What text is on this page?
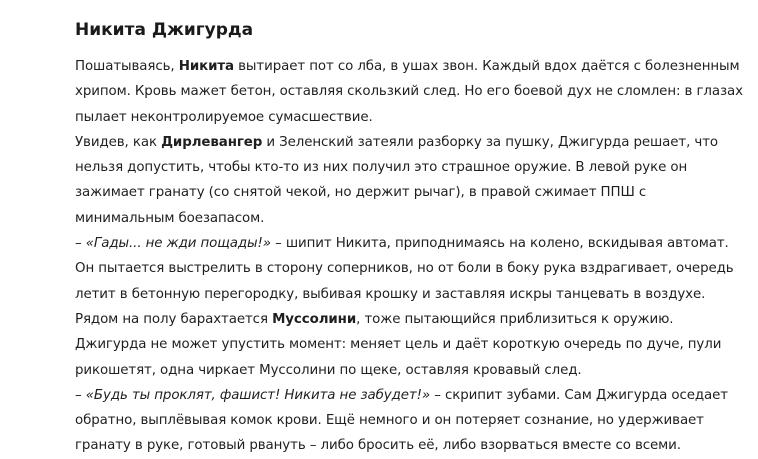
Никита Джигурда

Пошатываясь, Никита вытирает пот со лба, в ушах звон. Каждый вдох даётся с болезненным хрипом. Кровь мажет бетон, оставляя скользкий след. Но его боевой дух не сломлен: в глазах пылает неконтролируемое сумасшествие.

Увидев, как Дирлевангер и Зеленский затеяли разборку за пушку, Джигурда решает, что нельзя допустить, чтобы кто-то из них получил это страшное оружие. В левой руке он зажимает гранату (со снятой чекой, но держит рычаг), в правой сжимает ППШ с минимальным боезапасом.

– «Гады... не жди пощады!» – шипит Никита, приподнимаясь на колено, вскидывая автомат. Он пытается выстрелить в сторону соперников, но от боли в боку рука вздрагивает, очередь летит в бетонную перегородку, выбивая крошку и заставляя искры танцевать в воздухе.

Рядом на полу барахтается Муссолини, тоже пытающийся приблизиться к оружию. Джигурда не может упустить момент: меняет цель и даёт короткую очередь по дуче, пули рикошетят, одна чиркает Муссолини по щеке, оставляя кровавый след.

– «Будь ты проклят, фашист! Никита не забудет!» – скрипит зубами. Сам Джигурда оседает обратно, выплёвывая комок крови. Ещё немного и он потеряет сознание, но удерживает гранату в руке, готовый рвануть – либо бросить её, либо взорваться вместе со всеми.
